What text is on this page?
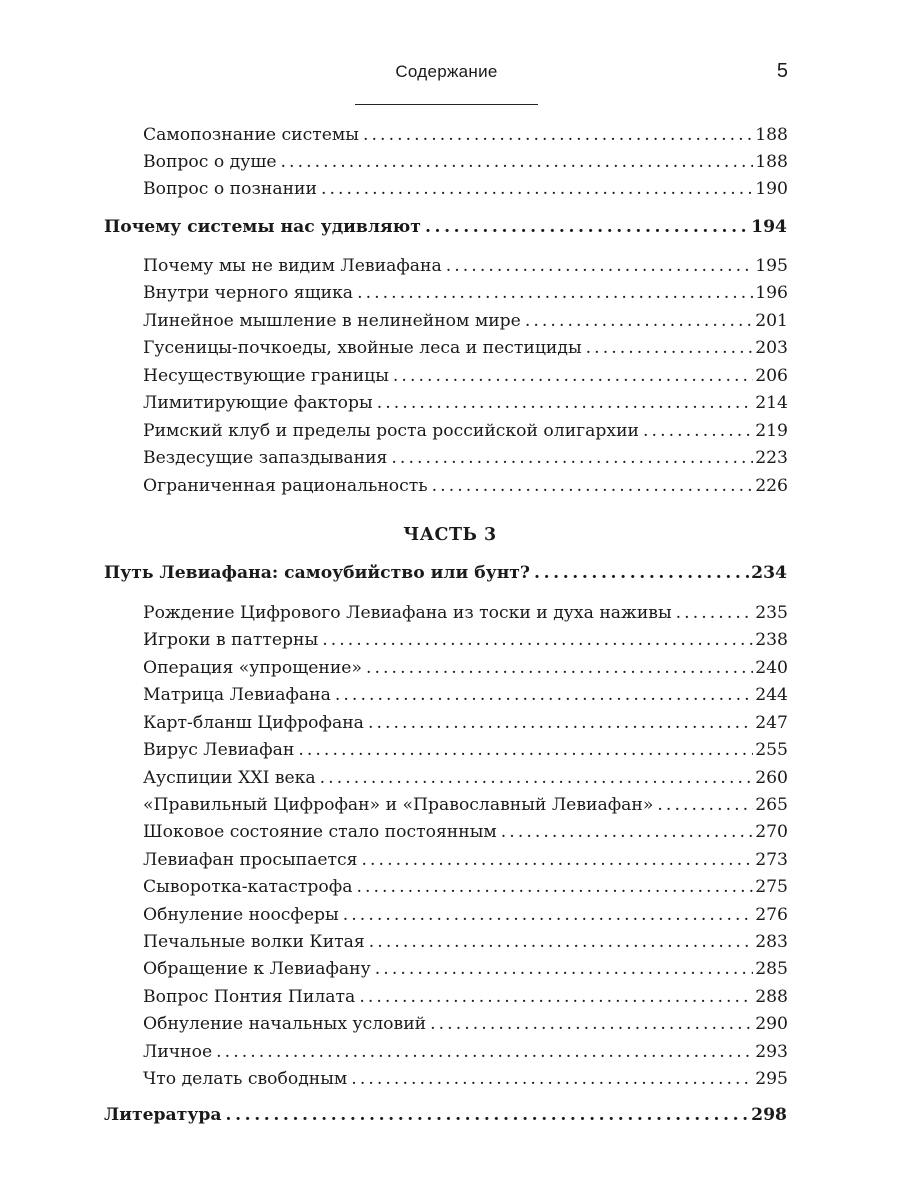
Содержание	5
Самопознание системы . . .	188
Вопрос о душе . . .	188
Вопрос о познании . . .	190
Почему системы нас удивляют . . .	194
Почему мы не видим Левиафана . . .	195
Внутри черного ящика . . .	196
Линейное мышление в нелинейном мире . . .	201
Гусеницы-почкоеды, хвойные леса и пестициды . . .	203
Несуществующие границы . . .	206
Лимитирующие факторы . . .	214
Римский клуб и пределы роста российской олигархии . . .	219
Вездесущие запаздывания . . .	223
Ограниченная рациональность . . .	226
ЧАСТЬ 3
Путь Левиафана: самоубийство или бунт? . . .	234
Рождение Цифрового Левиафана из тоски и духа наживы . . .	235
Игроки в паттерны . . .	238
Операция «упрощение» . . .	240
Матрица Левиафана . . .	244
Карт-бланш Цифрофана . . .	247
Вирус Левиафан . . .	255
Ауспиции XXI века . . .	260
«Правильный Цифрофан» и «Православный Левиафан» . . .	265
Шоковое состояние стало постоянным . . .	270
Левиафан просыпается . . .	273
Сыворотка-катастрофа . . .	275
Обнуление ноосферы . . .	276
Печальные волки Китая . . .	283
Обращение к Левиафану . . .	285
Вопрос Понтия Пилата . . .	288
Обнуление начальных условий . . .	290
Личное . . .	293
Что делать свободным . . .	295
Литература . . .	298
